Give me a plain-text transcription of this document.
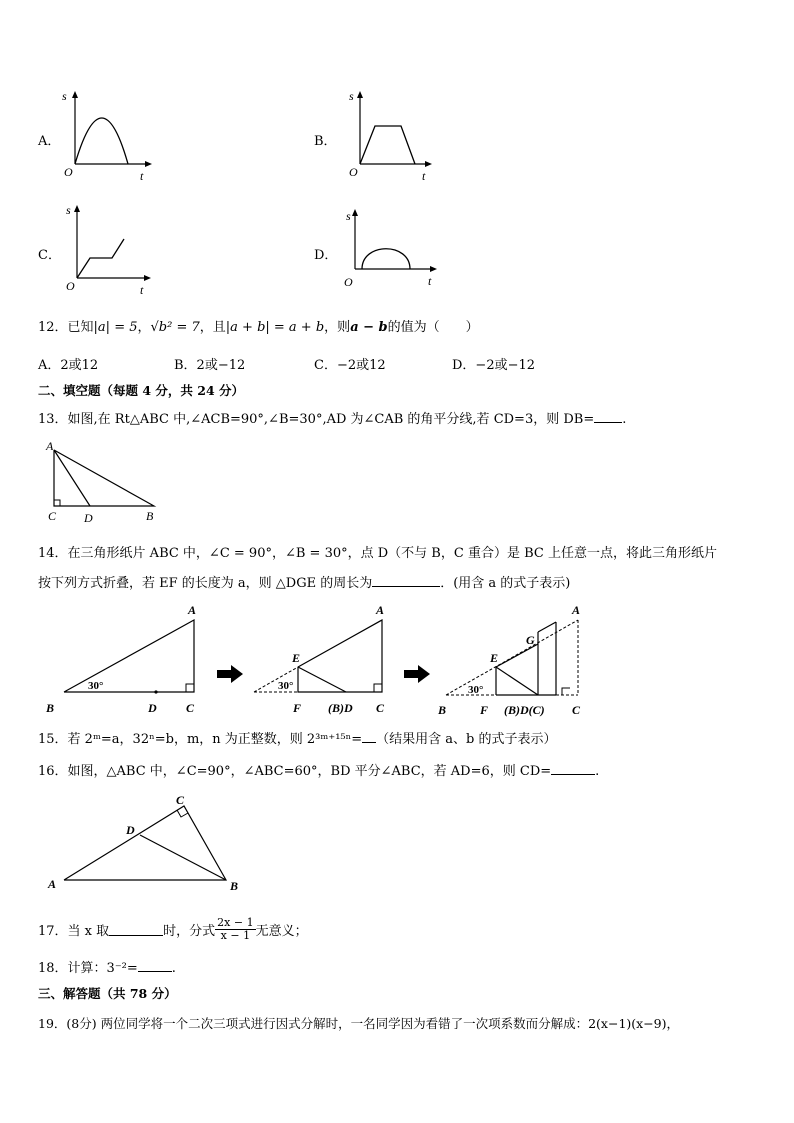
A．
s
t
O
B．
s
t
O
C．
s
t
O
D．
s
t
O
12．已知|a| = 5，√b² = 7，且|a + b| = a + b，则a − b的值为（　　）
A．2或12	B．2或−12	C．−2或12	D．−2或−12
二、填空题（每题 4 分，共 24 分）
13．如图,在 Rt△ABC 中,∠ACB=90°,∠B=30°,AD 为∠CAB 的角平分线,若 CD=3，则 DB= .
A
C D	B
14．在三角形纸片 ABC 中，∠C = 90°，∠B = 30°，点 D（不与 B，C 重合）是 BC 上任意一点，将此三角形纸片
按下列方式折叠，若 EF 的长度为 a，则 △DGE 的周长为	．(用含 a 的式子表示)
A
B	D C
30°
A
E
F (B)D C
30°
A
G
E
F (B)D(C) C
B
30°
15．若 2ᵐ=a，32ⁿ=b，m，n 为正整数，则 2³ᵐ⁺¹⁵ⁿ= （结果用含 a、b 的式子表示）
16．如图，△ABC 中，∠C=90°，∠ABC=60°，BD 平分∠ABC，若 AD=6，则 CD=	.
A	B
C
D
17．当 x 取	时，分式 $\frac{2x - 1}{x - 1}$ 无意义；
18．计算：3⁻²=	.
三、解答题（共 78 分）
19．(8分) 两位同学将一个二次三项式进行因式分解时，一名同学因为看错了一次项系数而分解成：2(x−1)(x−9)，
